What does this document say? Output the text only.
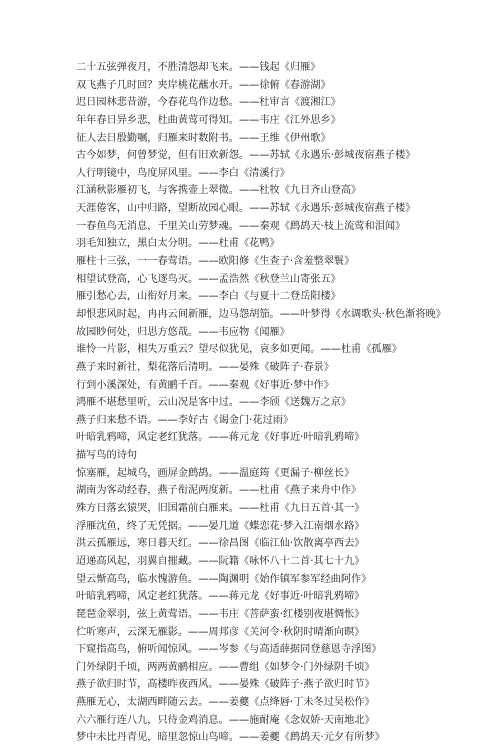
二十五弦弹夜月，不胜清怨却飞来。——钱起《归雁》
双飞燕子几时回？夹岸桃花蘸水开。——徐俯《春游湖》
迟日园林悲昔游，今春花鸟作边愁。——杜审言《渡湘江》
年年春日异乡悲，杜曲黄莺可得知。——韦庄《江外思乡》
征人去日殷勤嘱，归雁来时数附书。——王维《伊州歌》
古今如梦，何曾梦觉，但有旧欢新怨。——苏轼《永遇乐·彭城夜宿燕子楼》
人行明镜中，鸟度屏风里。——李白《清溪行》
江涵秋影雁初飞，与客携壶上翠微。——杜牧《九日齐山登高》
天涯倦客，山中归路，望断故园心眼。——苏轼《永遇乐·彭城夜宿燕子楼》
一春鱼鸟无消息，千里关山劳梦魂。——秦观《鹧鸪天·枝上流莺和泪闻》
羽毛知独立，黑白太分明。——杜甫《花鸭》
雁柱十三弦，一一春莺语。——欧阳修《生查子·含羞整翠鬟》
相望试登高，心飞逐鸟灭。——孟浩然《秋登兰山寄张五》
雁引愁心去，山衔好月来。——李白《与夏十二登岳阳楼》
却恨悲风时起，冉冉云间新雁，边马怨胡笳。——叶梦得《水调歌头·秋色渐将晚》
故园眇何处，归思方悠哉。——韦应物《闻雁》
谁怜一片影，相失万重云？望尽似犹见，哀多如更闻。——杜甫《孤雁》
燕子来时新社，梨花落后清明。——晏殊《破阵子·春景》
行到小溪深处，有黄鹂千百。——秦观《好事近·梦中作》
鸿雁不堪愁里听，云山况是客中过。——李颀《送魏万之京》
燕子归来愁不语。——李好古《谒金门·花过雨》
叶暗乳鸦啼，风定老红犹落。——蒋元龙《好事近·叶暗乳鸦啼》
描写鸟的诗句
惊塞雁，起城乌，画屏金鹧鸪。——温庭筠《更漏子·柳丝长》
湖南为客动经春，燕子衔泥两度新。——杜甫《燕子来舟中作》
殊方日落玄猿哭，旧国霜前白雁来。——杜甫《九日五首·其一》
浮雁沈鱼，终了无凭据。——晏几道《蝶恋花·梦入江南烟水路》
洪云孤雁远，寒日暮天红。——徐昌图《临江仙·饮散离亭西去》
迢递高风起，羽翼自摧藏。——阮籍《咏怀八十二首·其七十九》
望云惭高鸟，临水愧游鱼。——陶渊明《始作镇军参军经曲阿作》
叶暗乳鸦啼，风定老红犹落。——蒋元龙《好事近·叶暗乳鸦啼》
琵琶金翠羽，弦上黄莺语。——韦庄《菩萨蛮·红楼别夜堪惆怅》
伫听寒声，云深无雁影。——周邦彦《关河令·秋阴时晴渐向暝》
下窥指高鸟，俯听闻惊风。——岑参《与高适薛据同登慈恩寺浮图》
门外绿阴千顷，两两黄鹂相应。——曹组《如梦令·门外绿阴千顷》
燕子欲归时节，高楼昨夜西风。——晏殊《破阵子·燕子欲归时节》
燕雁无心，太湖西畔随云去。——姜夔《点绛唇·丁未冬过吴松作》
六六雁行连八九，只待金鸡消息。——施耐庵《念奴娇·天南地北》
梦中未比丹青见，暗里忽惊山鸟啼。——姜夔《鹧鸪天·元夕有所梦》
